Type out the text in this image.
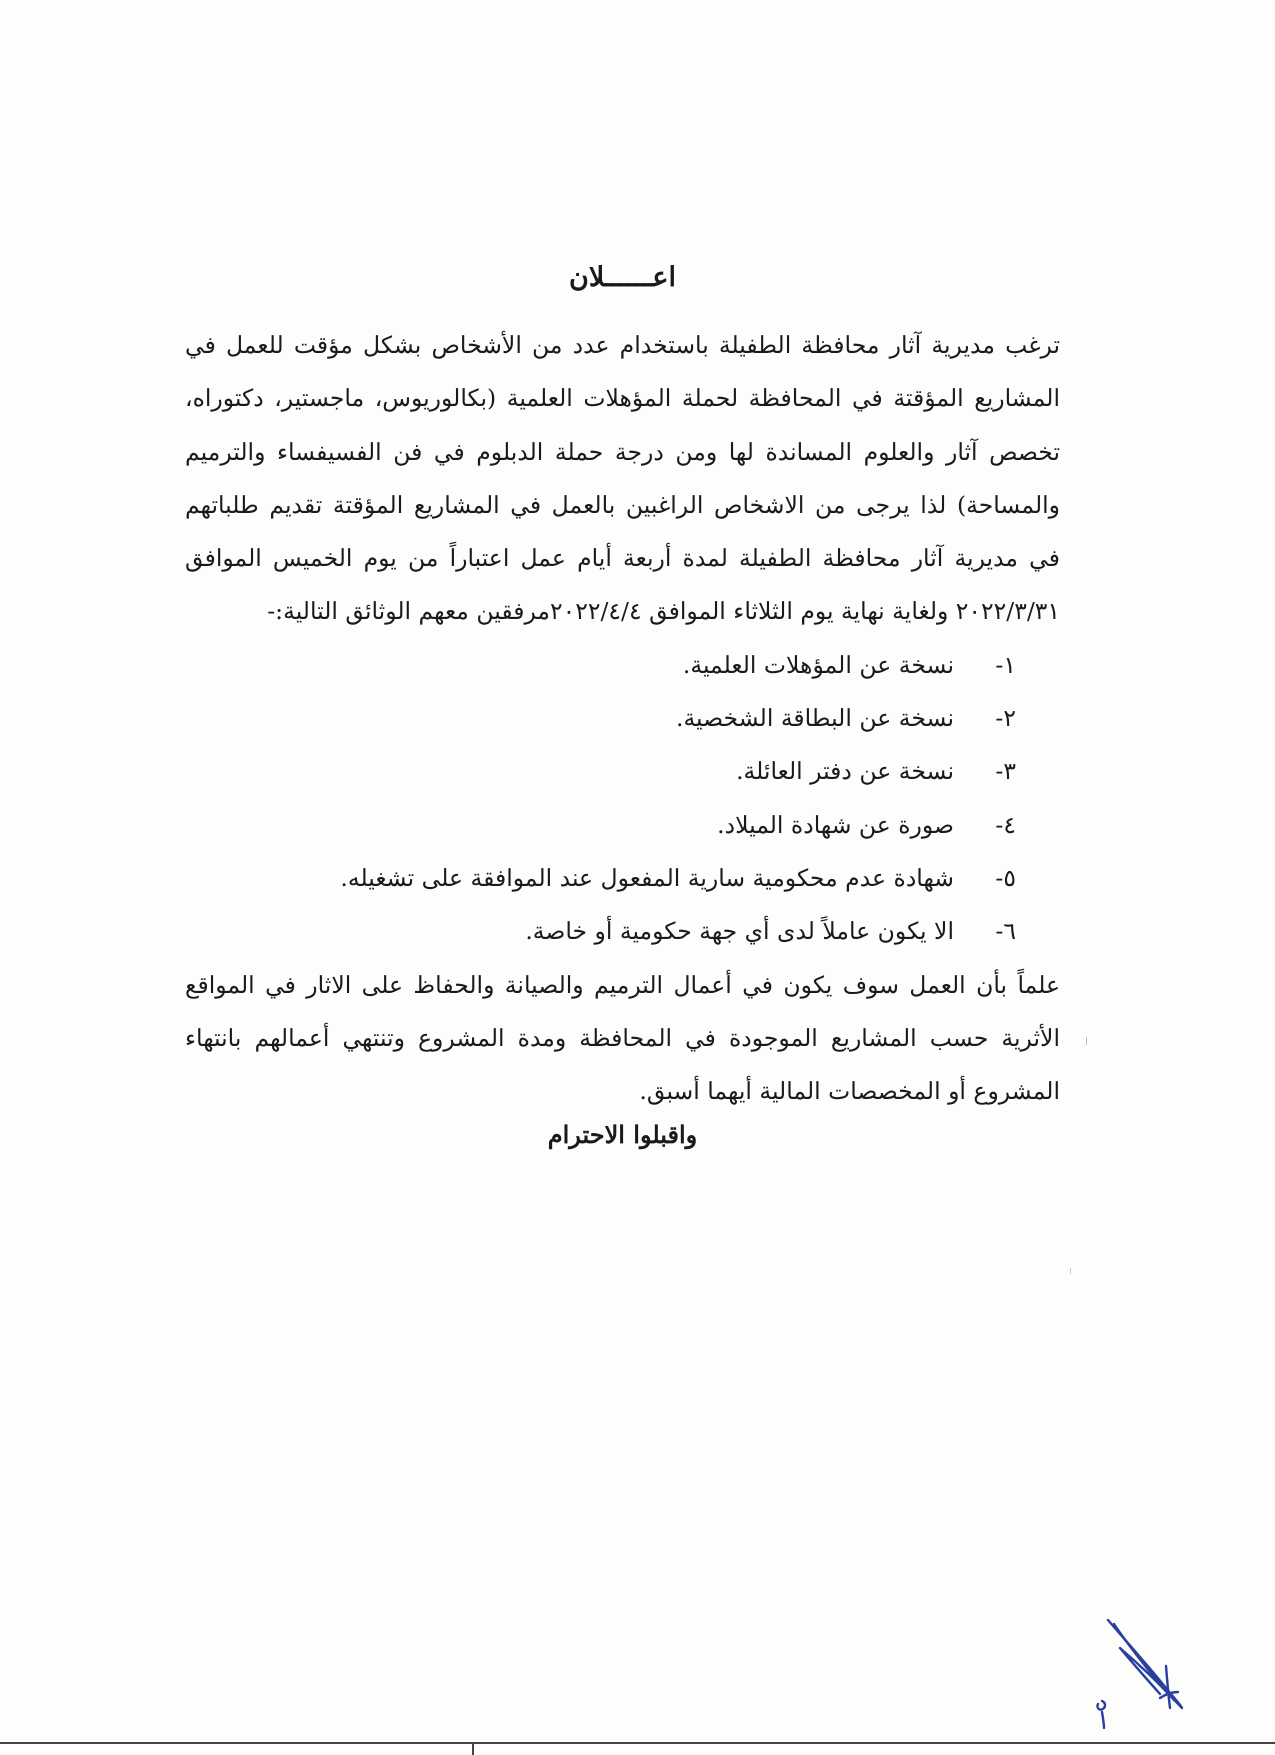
اعــــــلان

ترغب مديرية آثار محافظة الطفيلة باستخدام عدد من الأشخاص بشكل مؤقت للعمل في المشاريع المؤقتة في المحافظة لحملة المؤهلات العلمية (بكالوريوس، ماجستير، دكتوراه، تخصص آثار والعلوم المساندة لها ومن درجة حملة الدبلوم في فن الفسيفساء والترميم والمساحة) لذا يرجى من الاشخاص الراغبين بالعمل في المشاريع المؤقتة تقديم طلباتهم في مديرية آثار محافظة الطفيلة لمدة أربعة أيام عمل اعتباراً من يوم الخميس الموافق ٢٠٢٢/٣/٣١ ولغاية نهاية يوم الثلاثاء الموافق ٢٠٢٢/٤/٤مرفقين معهم الوثائق التالية:-

١-
نسخة عن المؤهلات العلمية.
٢-
نسخة عن البطاقة الشخصية.
٣-
نسخة عن دفتر العائلة.
٤-
صورة عن شهادة الميلاد.
٥-
شهادة عدم محكومية سارية المفعول عند الموافقة على تشغيله.
٦-
الا يكون عاملاً لدى أي جهة حكومية أو خاصة.

علماً بأن العمل سوف يكون في أعمال الترميم والصيانة والحفاظ على الاثار في المواقع الأثرية حسب المشاريع الموجودة في المحافظة ومدة المشروع وتنتهي أعمالهم بانتهاء المشروع أو المخصصات المالية أيهما أسبق.

واقبلوا الاحترام
